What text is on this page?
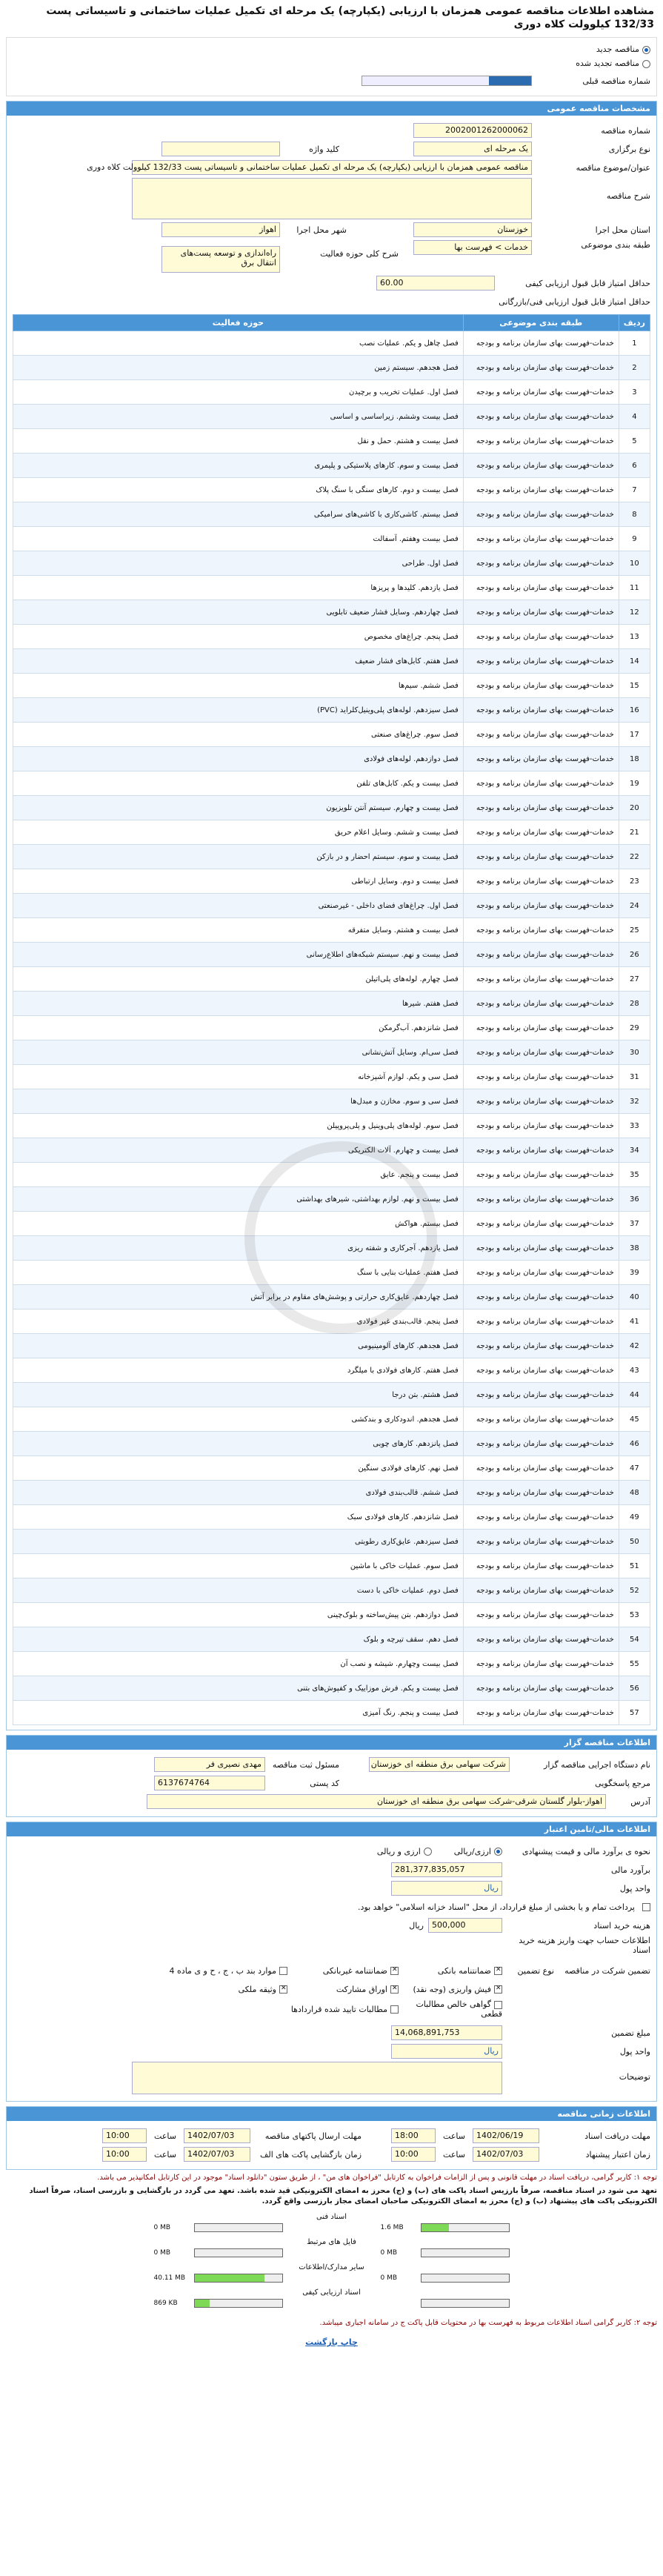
مشاهده اطلاعات مناقصه عمومی همزمان با ارزیابی (یکپارچه) یک مرحله ای تکمیل عملیات ساختمانی و تاسیساتی پست 132/33 کیلوولت کلاه دوری
مناقصه جدید
مناقصه تجدید شده
شماره مناقصه قبلی
مشخصات مناقصه عمومی
شماره مناقصه
2002001262000062
نوع برگزاری
یک مرحله ای
کلید واژه
عنوان/موضوع مناقصه
مناقصه عمومی همزمان با ارزیابی (یکپارچه) یک مرحله ای تکمیل عملیات ساختمانی و تاسیساتی پست 132/33 کیلوولت کلاه دوری
شرح مناقصه
استان محل اجرا
خوزستان
شهر محل اجرا
اهواز
طبقه بندی موضوعی
خدمات > فهرست بها
شرح کلی حوزه فعالیت
راه‌اندازی و توسعه پست‌های انتقال برق
حداقل امتیاز قابل قبول ارزیابی کیفی
60.00
حداقل امتیاز قابل قبول ارزیابی فنی/بازرگانی
ردیف	طبقه بندی موضوعی	حوزه فعالیت
1	خدمات-فهرست بهای سازمان برنامه و بودجه	فصل چاهل و یکم. عملیات نصب
2	خدمات-فهرست بهای سازمان برنامه و بودجه	فصل هجدهم. سیستم زمین
3	خدمات-فهرست بهای سازمان برنامه و بودجه	فصل اول. عملیات تخریب و برچیدن
4	خدمات-فهرست بهای سازمان برنامه و بودجه	فصل بیست وششم. زیراساسی و اساسی
5	خدمات-فهرست بهای سازمان برنامه و بودجه	فصل بیست و هشتم. حمل و نقل
6	خدمات-فهرست بهای سازمان برنامه و بودجه	فصل بیست و سوم. کارهای پلاستیکی و پلیمری
7	خدمات-فهرست بهای سازمان برنامه و بودجه	فصل بیست و دوم. کارهای سنگی با سنگ پلاک
8	خدمات-فهرست بهای سازمان برنامه و بودجه	فصل بیستم. کاشی‌کاری با کاشی‌های سرامیکی
9	خدمات-فهرست بهای سازمان برنامه و بودجه	فصل بیست وهفتم. آسفالت
10	خدمات-فهرست بهای سازمان برنامه و بودجه	فصل اول. طراحی
11	خدمات-فهرست بهای سازمان برنامه و بودجه	فصل یازدهم. کلیدها و پریزها
12	خدمات-فهرست بهای سازمان برنامه و بودجه	فصل چهاردهم. وسایل فشار ضعیف تابلویی
13	خدمات-فهرست بهای سازمان برنامه و بودجه	فصل پنجم. چراغ‌های مخصوص
14	خدمات-فهرست بهای سازمان برنامه و بودجه	فصل هفتم. کابل‌های فشار ضعیف
15	خدمات-فهرست بهای سازمان برنامه و بودجه	فصل ششم. سیم‌ها
16	خدمات-فهرست بهای سازمان برنامه و بودجه	فصل سیزدهم. لوله‌های پلی‌وینیل‌کلراید (PVC)
17	خدمات-فهرست بهای سازمان برنامه و بودجه	فصل سوم. چراغ‌های صنعتی
18	خدمات-فهرست بهای سازمان برنامه و بودجه	فصل دوازدهم. لوله‌های فولادی
19	خدمات-فهرست بهای سازمان برنامه و بودجه	فصل بیست و یکم. کابل‌های تلفن
20	خدمات-فهرست بهای سازمان برنامه و بودجه	فصل بیست و چهارم. سیستم آنتن تلویزیون
21	خدمات-فهرست بهای سازمان برنامه و بودجه	فصل بیست و ششم. وسایل اعلام حریق
22	خدمات-فهرست بهای سازمان برنامه و بودجه	فصل بیست و سوم. سیستم احضار و در بازکن
23	خدمات-فهرست بهای سازمان برنامه و بودجه	فصل بیست و دوم. وسایل ارتباطی
24	خدمات-فهرست بهای سازمان برنامه و بودجه	فصل اول. چراغ‌های فضای داخلی - غیرصنعتی
25	خدمات-فهرست بهای سازمان برنامه و بودجه	فصل بیست و هشتم. وسایل متفرقه
26	خدمات-فهرست بهای سازمان برنامه و بودجه	فصل بیست و نهم. سیستم شبکه‌های اطلاع‌رسانی
27	خدمات-فهرست بهای سازمان برنامه و بودجه	فصل چهارم. لوله‌های پلی‌اتیلن
28	خدمات-فهرست بهای سازمان برنامه و بودجه	فصل هفتم. شیرها
29	خدمات-فهرست بهای سازمان برنامه و بودجه	فصل شانزدهم. آب‌گرمکن
30	خدمات-فهرست بهای سازمان برنامه و بودجه	فصل سی‌ام. وسایل آتش‌نشانی
31	خدمات-فهرست بهای سازمان برنامه و بودجه	فصل سی و یکم. لوازم آشپزخانه
32	خدمات-فهرست بهای سازمان برنامه و بودجه	فصل سی و سوم. مخازن و مبدل‌ها
33	خدمات-فهرست بهای سازمان برنامه و بودجه	فصل سوم. لوله‌های پلی‌وینیل و پلی‌پروپیلن
34	خدمات-فهرست بهای سازمان برنامه و بودجه	فصل بیست و چهارم. آلات الکتریکی
35	خدمات-فهرست بهای سازمان برنامه و بودجه	فصل بیست و پنجم. عایق
36	خدمات-فهرست بهای سازمان برنامه و بودجه	فصل بیست و نهم. لوازم بهداشتی، شیرهای بهداشتی
37	خدمات-فهرست بهای سازمان برنامه و بودجه	فصل بیستم. هواکش
38	خدمات-فهرست بهای سازمان برنامه و بودجه	فصل یازدهم. آجرکاری و شفته ریزی
39	خدمات-فهرست بهای سازمان برنامه و بودجه	فصل هفتم. عملیات بنایی با سنگ
40	خدمات-فهرست بهای سازمان برنامه و بودجه	فصل چهاردهم. عایق‌کاری حرارتی و پوشش‌های مقاوم در برابر آتش
41	خدمات-فهرست بهای سازمان برنامه و بودجه	فصل پنجم. قالب‌بندی غیر فولادی
42	خدمات-فهرست بهای سازمان برنامه و بودجه	فصل هجدهم. کارهای آلومینیومی
43	خدمات-فهرست بهای سازمان برنامه و بودجه	فصل هفتم. کارهای فولادی با میلگرد
44	خدمات-فهرست بهای سازمان برنامه و بودجه	فصل هشتم. بتن درجا
45	خدمات-فهرست بهای سازمان برنامه و بودجه	فصل هجدهم. اندودکاری و بندکشی
46	خدمات-فهرست بهای سازمان برنامه و بودجه	فصل پانزدهم. کارهای چوبی
47	خدمات-فهرست بهای سازمان برنامه و بودجه	فصل نهم. کارهای فولادی سنگین
48	خدمات-فهرست بهای سازمان برنامه و بودجه	فصل ششم. قالب‌بندی فولادی
49	خدمات-فهرست بهای سازمان برنامه و بودجه	فصل شانزدهم. کارهای فولادی سبک
50	خدمات-فهرست بهای سازمان برنامه و بودجه	فصل سیزدهم. عایق‌کاری رطوبتی
51	خدمات-فهرست بهای سازمان برنامه و بودجه	فصل سوم. عملیات خاکی با ماشین
52	خدمات-فهرست بهای سازمان برنامه و بودجه	فصل دوم. عملیات خاکی با دست
53	خدمات-فهرست بهای سازمان برنامه و بودجه	فصل دوازدهم. بتن پیش‌ساخته و بلوک‌چینی
54	خدمات-فهرست بهای سازمان برنامه و بودجه	فصل دهم. سقف تیرچه و بلوک
55	خدمات-فهرست بهای سازمان برنامه و بودجه	فصل بیست وچهارم. شیشه و نصب آن
56	خدمات-فهرست بهای سازمان برنامه و بودجه	فصل بیست و یکم. فرش موزاییک و کفپوش‌های بتنی
57	خدمات-فهرست بهای سازمان برنامه و بودجه	فصل بیست و پنجم. رنگ آمیزی
اطلاعات مناقصه گزار
نام دستگاه اجرایی مناقصه گزار
شرکت سهامی برق منطقه ای خوزستان
مسئول ثبت مناقصه
مهدی نصیری فر
مرجع پاسخگویی
کد پستی
6137674764
آدرس
اهواز-بلوار گلستان شرقی-شرکت سهامی برق منطقه ای خوزستان
اطلاعات مالی/تامین اعتبار
نحوه ی برآورد مالی و قیمت پیشنهادی
ارزی/ریالی
ارزی و ریالی
برآورد مالی
281,377,835,057
واحد پول
ریال
پرداخت تمام و یا بخشی از مبلغ قرارداد، از محل "اسناد خزانه اسلامی" خواهد بود.
هزینه خرید اسناد
500,000
ریال
اطلاعات حساب جهت واریز هزینه خرید اسناد
تضمین شرکت در مناقصه
نوع تضمین
✕ضمانتنامه بانکی
✕ضمانتنامه غیربانکی
موارد بند ب ، ج ، ح و ی ماده 4
✕فیش واریزی (وجه نقد)
✕اوراق مشارکت
✕وثیقه ملکی
گواهی خالص مطالبات قطعی
مطالبات تایید شده قراردادها
مبلغ تضمین
14,068,891,753
واحد پول
ریال
توضیحات
اطلاعات زمانی مناقصه
مهلت دریافت اسناد
1402/06/19
ساعت
18:00
مهلت ارسال پاکتهای مناقصه
1402/07/03
ساعت
10:00
زمان اعتبار پیشنهاد
1402/07/03
ساعت
10:00
زمان بازگشایی پاکت های الف
1402/07/03
ساعت
10:00
توجه ۱: کاربر گرامی، دریافت اسناد در مهلت قانونی و پس از الزامات فراخوان به کارتابل "فراخوان های من" ، از طریق ستون "دانلود اسناد" موجود در این کارتابل امکانپذیر می باشد.
تعهد می شود در اسناد مناقصه، صرفاً بارزیس اسناد پاکت های (ب) و (ج) محرز به امضای الکترونیکی قید شده باشد. تعهد می گردد در بارگشایی و بازرسی اسناد، صرفاً اسناد الکترونیکی پاکت های پیشنهاد (ب) و (ج) محرز به امضای الکترونیکی صاحبان امضای مجاز بارزسی واقع گردد.
اسناد فنی
0 MB	1.6 MB
فایل های مرتبط
0 MB	0 MB
سایر مدارک/اطلاعات
40.11 MB	0 MB
اسناد ارزیابی کیفی
869 KB
توجه ۲: کاربر گرامی اسناد اطلاعات مربوط به فهرست بها در محتویات قابل پاکت ج در سامانه اجباری میباشد.
چاپ بازگشت
